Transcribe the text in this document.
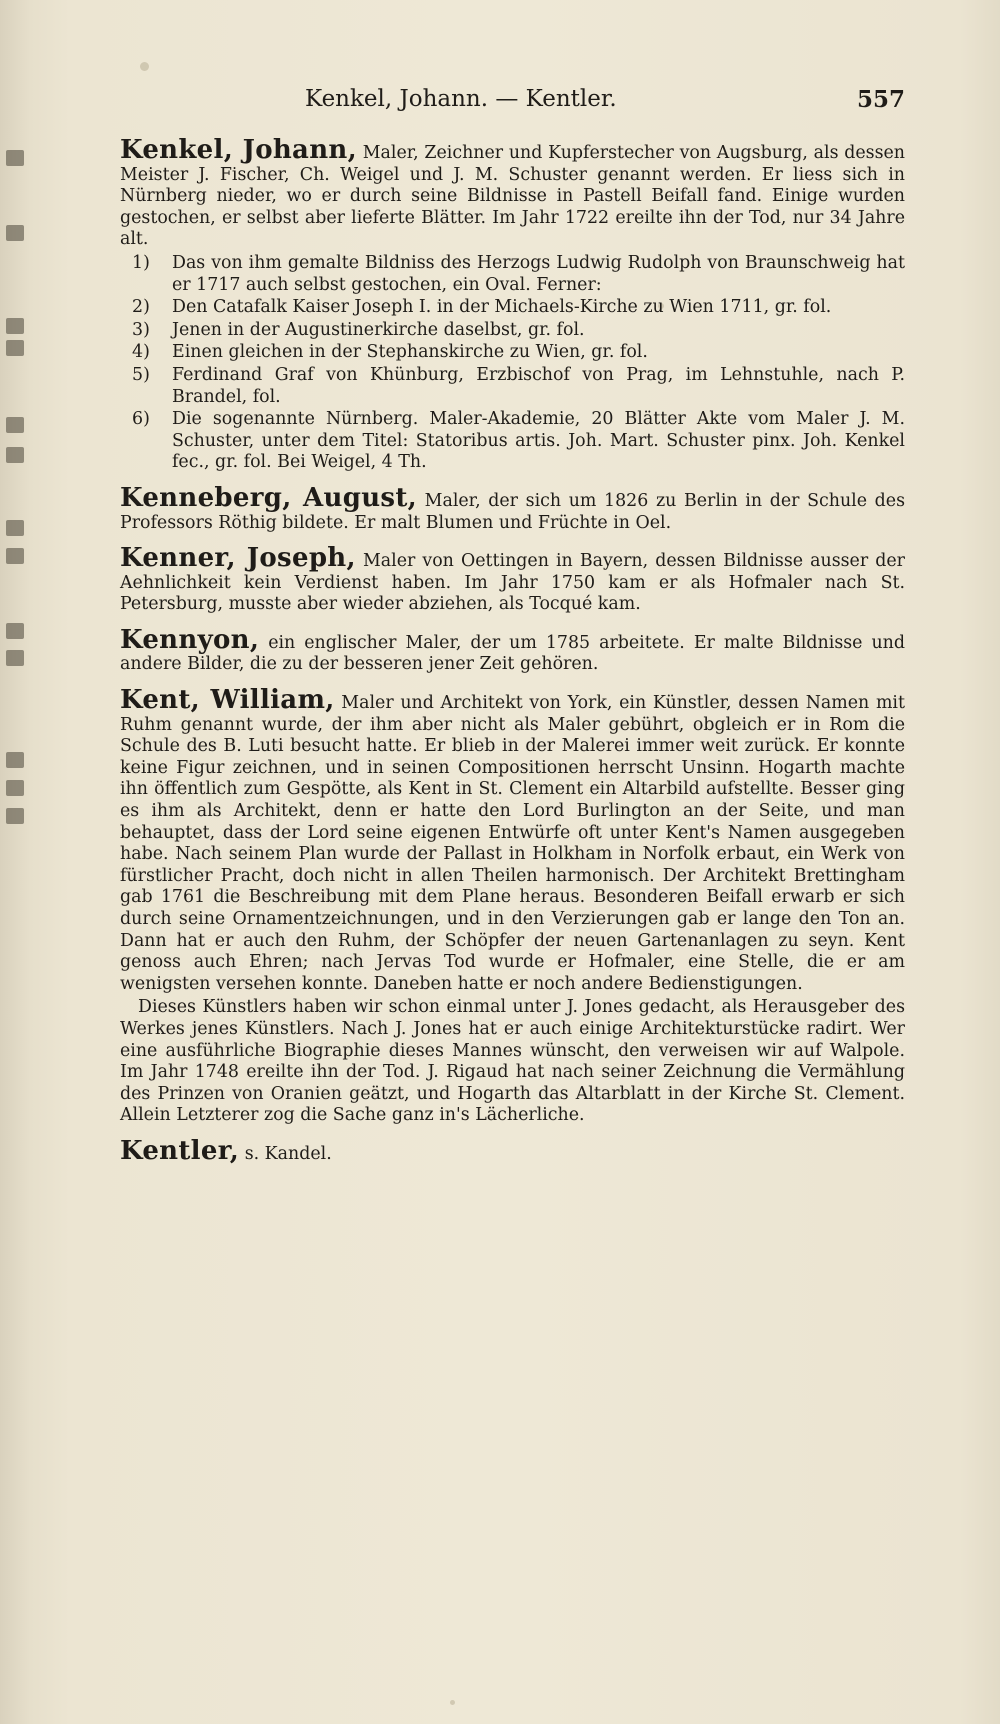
Kenkel, Johann. — Kentler.	557

Kenkel, Johann, Maler, Zeichner und Kupferstecher von Augsburg, als dessen Meister J. Fischer, Ch. Weigel und J. M. Schuster genannt werden. Er liess sich in Nürnberg nieder, wo er durch seine Bildnisse in Pastell Beifall fand. Einige wurden gestochen, er selbst aber lieferte Blätter. Im Jahr 1722 ereilte ihn der Tod, nur 34 Jahre alt.

1) Das von ihm gemalte Bildniss des Herzogs Ludwig Rudolph von Braunschweig hat er 1717 auch selbst gestochen, ein Oval. Ferner:
2) Den Catafalk Kaiser Joseph I. in der Michaels-Kirche zu Wien 1711, gr. fol.
3) Jenen in der Augustinerkirche daselbst, gr. fol.
4) Einen gleichen in der Stephanskirche zu Wien, gr. fol.
5) Ferdinand Graf von Khünburg, Erzbischof von Prag, im Lehnstuhle, nach P. Brandel, fol.
6) Die sogenannte Nürnberg. Maler-Akademie, 20 Blätter Akte vom Maler J. M. Schuster, unter dem Titel: Statoribus artis. Joh. Mart. Schuster pinx. Joh. Kenkel fec., gr. fol. Bei Weigel, 4 Th.

Kenneberg, August, Maler, der sich um 1826 zu Berlin in der Schule des Professors Röthig bildete. Er malt Blumen und Früchte in Oel.

Kenner, Joseph, Maler von Oettingen in Bayern, dessen Bildnisse ausser der Aehnlichkeit kein Verdienst haben. Im Jahr 1750 kam er als Hofmaler nach St. Petersburg, musste aber wieder abziehen, als Tocqué kam.

Kennyon, ein englischer Maler, der um 1785 arbeitete. Er malte Bildnisse und andere Bilder, die zu der besseren jener Zeit gehören.

Kent, William, Maler und Architekt von York, ein Künstler, dessen Namen mit Ruhm genannt wurde, der ihm aber nicht als Maler gebührt, obgleich er in Rom die Schule des B. Luti besucht hatte. Er blieb in der Malerei immer weit zurück. Er konnte keine Figur zeichnen, und in seinen Compositionen herrscht Unsinn. Hogarth machte ihn öffentlich zum Gespötte, als Kent in St. Clement ein Altarbild aufstellte. Besser ging es ihm als Architekt, denn er hatte den Lord Burlington an der Seite, und man behauptet, dass der Lord seine eigenen Entwürfe oft unter Kent's Namen ausgegeben habe. Nach seinem Plan wurde der Pallast in Holkham in Norfolk erbaut, ein Werk von fürstlicher Pracht, doch nicht in allen Theilen harmonisch. Der Architekt Brettingham gab 1761 die Beschreibung mit dem Plane heraus. Besonderen Beifall erwarb er sich durch seine Ornamentzeichnungen, und in den Verzierungen gab er lange den Ton an. Dann hat er auch den Ruhm, der Schöpfer der neuen Gartenanlagen zu seyn. Kent genoss auch Ehren; nach Jervas Tod wurde er Hofmaler, eine Stelle, die er am wenigsten versehen konnte. Daneben hatte er noch andere Bedienstigungen.

Dieses Künstlers haben wir schon einmal unter J. Jones gedacht, als Herausgeber des Werkes jenes Künstlers. Nach J. Jones hat er auch einige Architekturstücke radirt. Wer eine ausführliche Biographie dieses Mannes wünscht, den verweisen wir auf Walpole. Im Jahr 1748 ereilte ihn der Tod. J. Rigaud hat nach seiner Zeichnung die Vermählung des Prinzen von Oranien geätzt, und Hogarth das Altarblatt in der Kirche St. Clement. Allein Letzterer zog die Sache ganz in's Lächerliche.

Kentler, s. Kandel.
